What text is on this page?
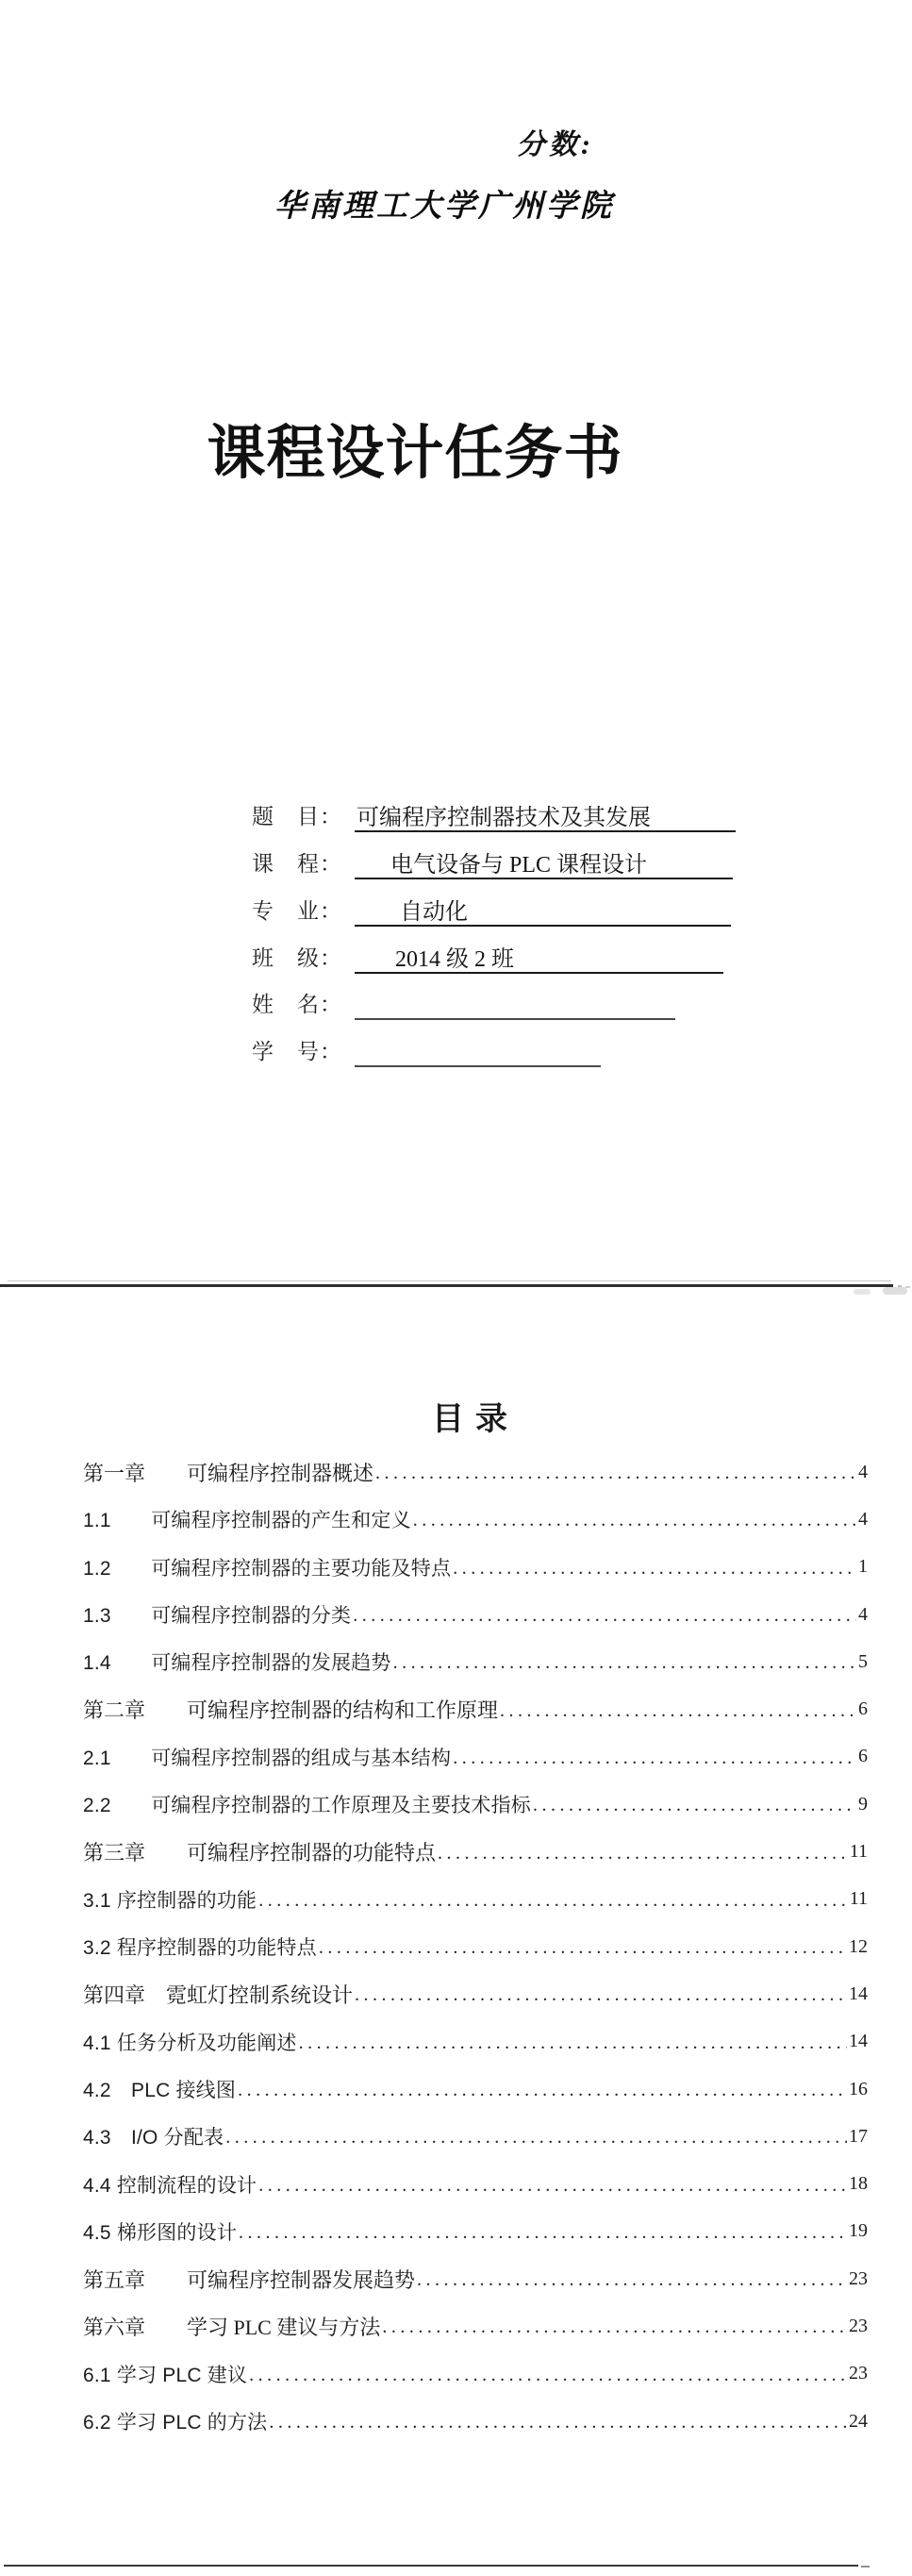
分数:
华南理工大学广州学院
课程设计任务书
题　目： 可编程序控制器技术及其发展
课　程：	电气设备与 PLC 课程设计
专　业：	自动化
班　级：	2014 级 2 班
姓　名：
学　号：
目录
第一章　　可编程序控制器概述 .....	4
1.1　　可编程序控制器的产生和定义 .....	4
1.2　　可编程序控制器的主要功能及特点 .....	1
1.3　　可编程序控制器的分类 .....	4
1.4　　可编程序控制器的发展趋势 .....	5
第二章　　可编程序控制器的结构和工作原理 .....	6
2.1　　可编程序控制器的组成与基本结构 .....	6
2.2　　可编程序控制器的工作原理及主要技术指标 .....	9
第三章　　可编程序控制器的功能特点 .....	11
3.1 序控制器的功能 .....	11
3.2 程序控制器的功能特点 .....	12
第四章　霓虹灯控制系统设计 .....	14
4.1 任务分析及功能阐述 .....	14
4.2　PLC 接线图 .....	16
4.3　I/O 分配表 .....	17
4.4 控制流程的设计 .....	18
4.5 梯形图的设计 .....	19
第五章　　可编程序控制器发展趋势 .....	23
第六章　　学习 PLC 建议与方法 .....	23
6.1 学习 PLC 建议 .....	23
6.2 学习 PLC 的方法 .....	24
